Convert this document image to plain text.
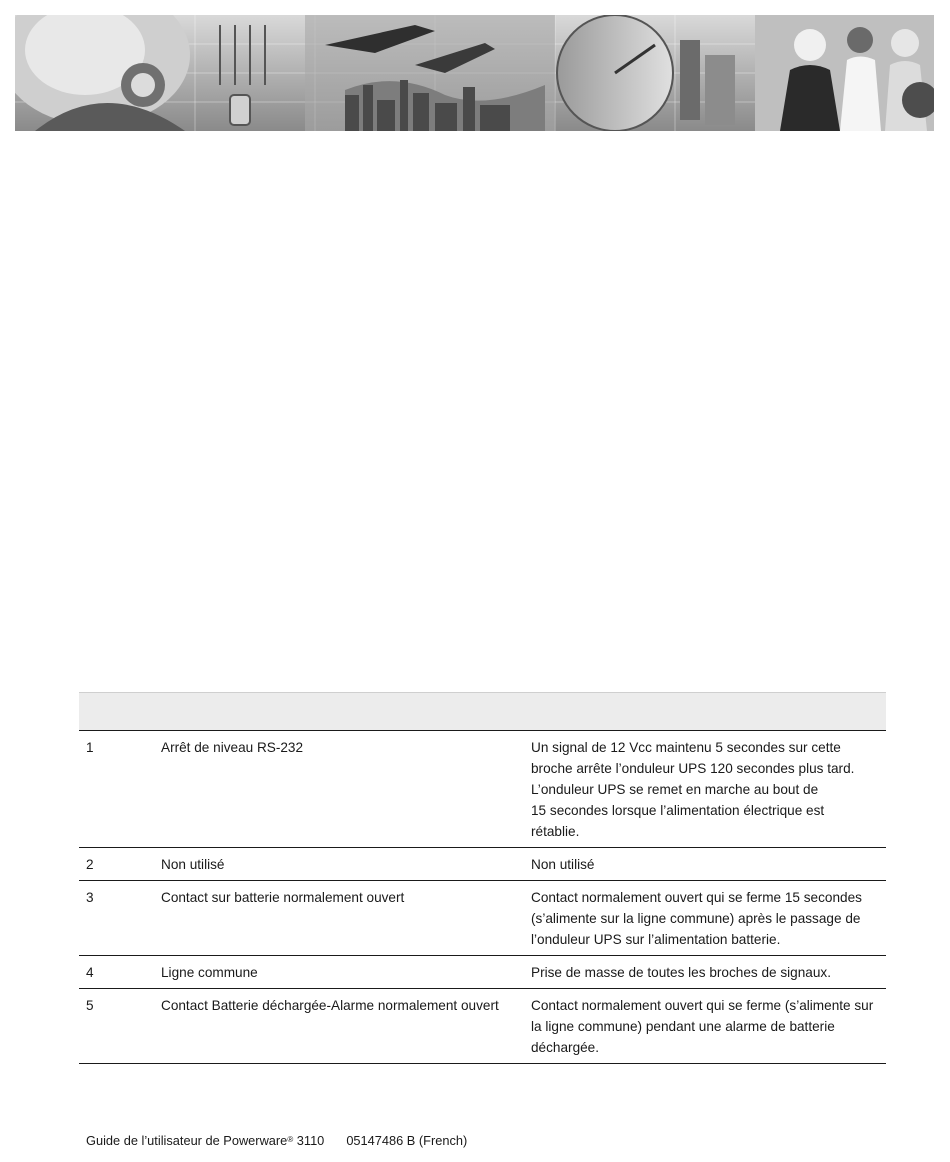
1	Arrêt de niveau RS-232	Un signal de 12 Vcc maintenu 5 secondes sur cette
broche arrête l’onduleur UPS 120 secondes plus tard.
L’onduleur UPS se remet en marche au bout de
15 secondes lorsque l’alimentation électrique est
rétablie.

2	Non utilisé	Non utilisé

3	Contact sur batterie normalement ouvert	Contact normalement ouvert qui se ferme 15 secondes
(s’alimente sur la ligne commune) après le passage de
l’onduleur UPS sur l’alimentation batterie.

4	Ligne commune	Prise de masse de toutes les broches de signaux.

5	Contact Batterie déchargée-Alarme normalement ouvert	Contact normalement ouvert qui se ferme (s’alimente sur
la ligne commune) pendant une alarme de batterie
déchargée.
Guide de l’utilisateur de Powerware® 3110 05147486 B (French)
